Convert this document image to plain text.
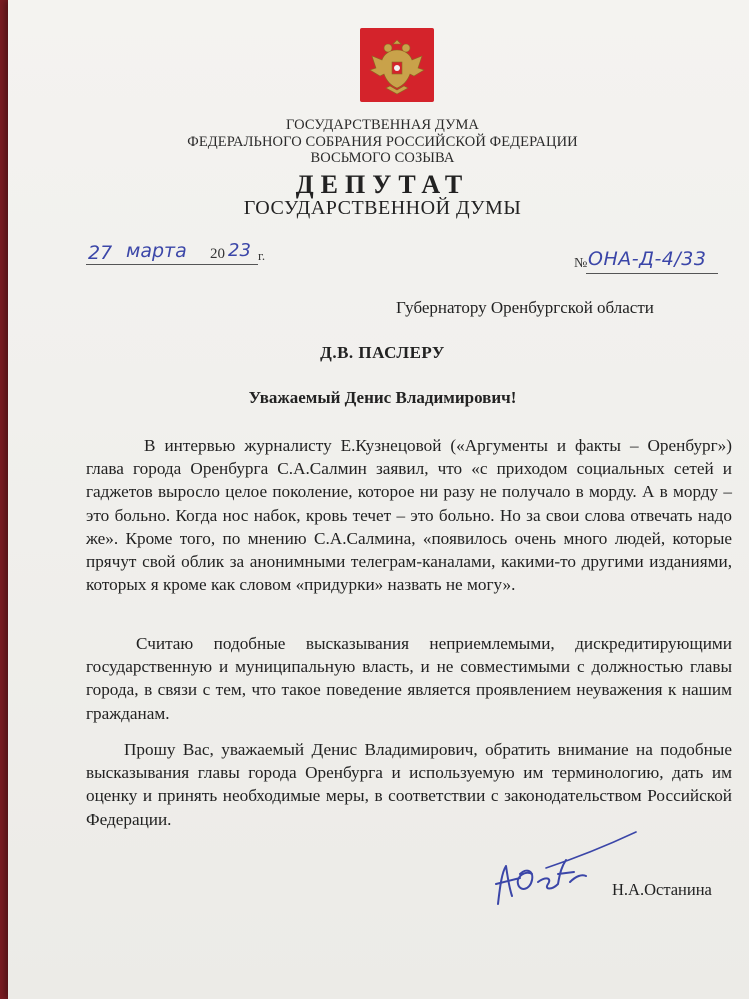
ГОСУДАРСТВЕННАЯ ДУМА
ФЕДЕРАЛЬНОГО СОБРАНИЯ РОССИЙСКОЙ ФЕДЕРАЦИИ
ВОСЬМОГО СОЗЫВА
ДЕПУТАТ
ГОСУДАРСТВЕННОЙ ДУМЫ
27 марта 20 23 г.
№ ОНА-Д-4/33
Губернатору Оренбургской области
Д.В. ПАСЛЕРУ
Уважаемый Денис Владимирович!
В интервью журналисту Е.Кузнецовой («Аргументы и факты – Оренбург») глава города Оренбурга С.А.Салмин заявил, что «с приходом социальных сетей и гаджетов выросло целое поколение, которое ни разу не получало в морду. А в морду – это больно. Когда нос набок, кровь течет – это больно. Но за свои слова отвечать надо же». Кроме того, по мнению С.А.Салмина, «появилось очень много людей, которые прячут свой облик за анонимными телеграм-каналами, какими-то другими изданиями, которых я кроме как словом «придурки» назвать не могу».
Считаю подобные высказывания неприемлемыми, дискредитирующими государственную и муниципальную власть, и не совместимыми с должностью главы города, в связи с тем, что такое поведение является проявлением неуважения к нашим гражданам.
Прошу Вас, уважаемый Денис Владимирович, обратить внимание на подобные высказывания главы города Оренбурга и используемую им терминологию, дать им оценку и принять необходимые меры, в соответствии с законодательством Российской Федерации.
Н.А.Останина
